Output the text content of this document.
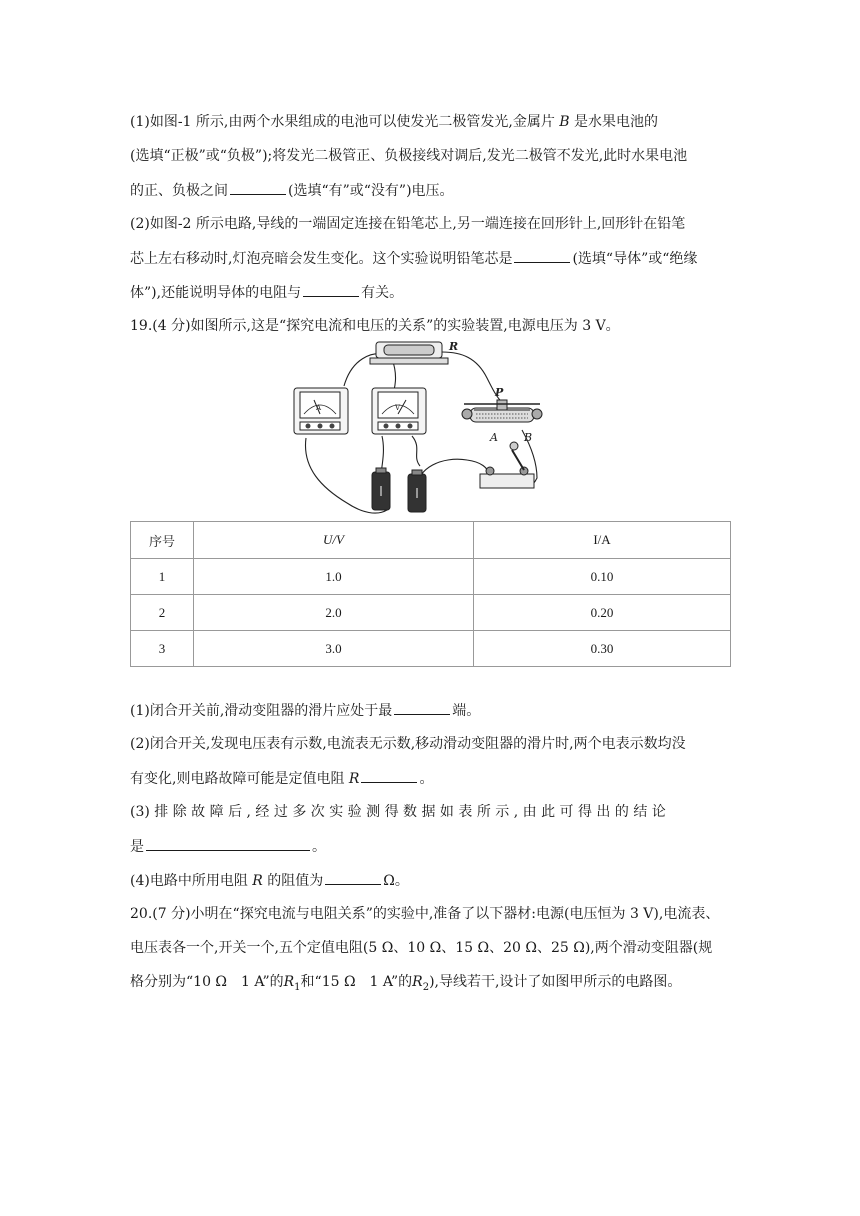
(1)如图-1 所示,由两个水果组成的电池可以使发光二极管发光,金属片 B 是水果电池的
(选填“正极”或“负极”);将发光二极管正、负极接线对调后,发光二极管不发光,此时水果电池
的正、负极之间	(选填“有”或“没有”)电压。
(2)如图-2 所示电路,导线的一端固定连接在铅笔芯上,另一端连接在回形针上,回形针在铅笔
芯上左右移动时,灯泡亮暗会发生变化。这个实验说明铅笔芯是	(选填“导体”或“绝缘
体”),还能说明导体的电阻与	有关。
19.(4 分)如图所示,这是“探究电流和电压的关系”的实验装置,电源电压为 3 V。
R
A	V
P
A B
序号	U/V	I/A
1	1.0	0.10
2	2.0	0.20
3	3.0	0.30
(1)闭合开关前,滑动变阻器的滑片应处于最	端。
(2)闭合开关,发现电压表有示数,电流表无示数,移动滑动变阻器的滑片时,两个电表示数均没
有变化,则电路故障可能是定值电阻 R	。
(3) 排 除 故 障 后 , 经 过 多 次 实 验 测 得 数 据 如 表 所 示 , 由 此 可 得 出 的 结 论
是	。
(4)电路中所用电阻 R 的阻值为	Ω。
20.(7 分)小明在“探究电流与电阻关系”的实验中,准备了以下器材:电源(电压恒为 3 V),电流表、
电压表各一个,开关一个,五个定值电阻(5 Ω、10 Ω、15 Ω、20 Ω、25 Ω),两个滑动变阻器(规
格分别为“10 Ω　1 A”的$R_1$和“15 Ω　1 A”的$R_2$),导线若干,设计了如图甲所示的电路图。
